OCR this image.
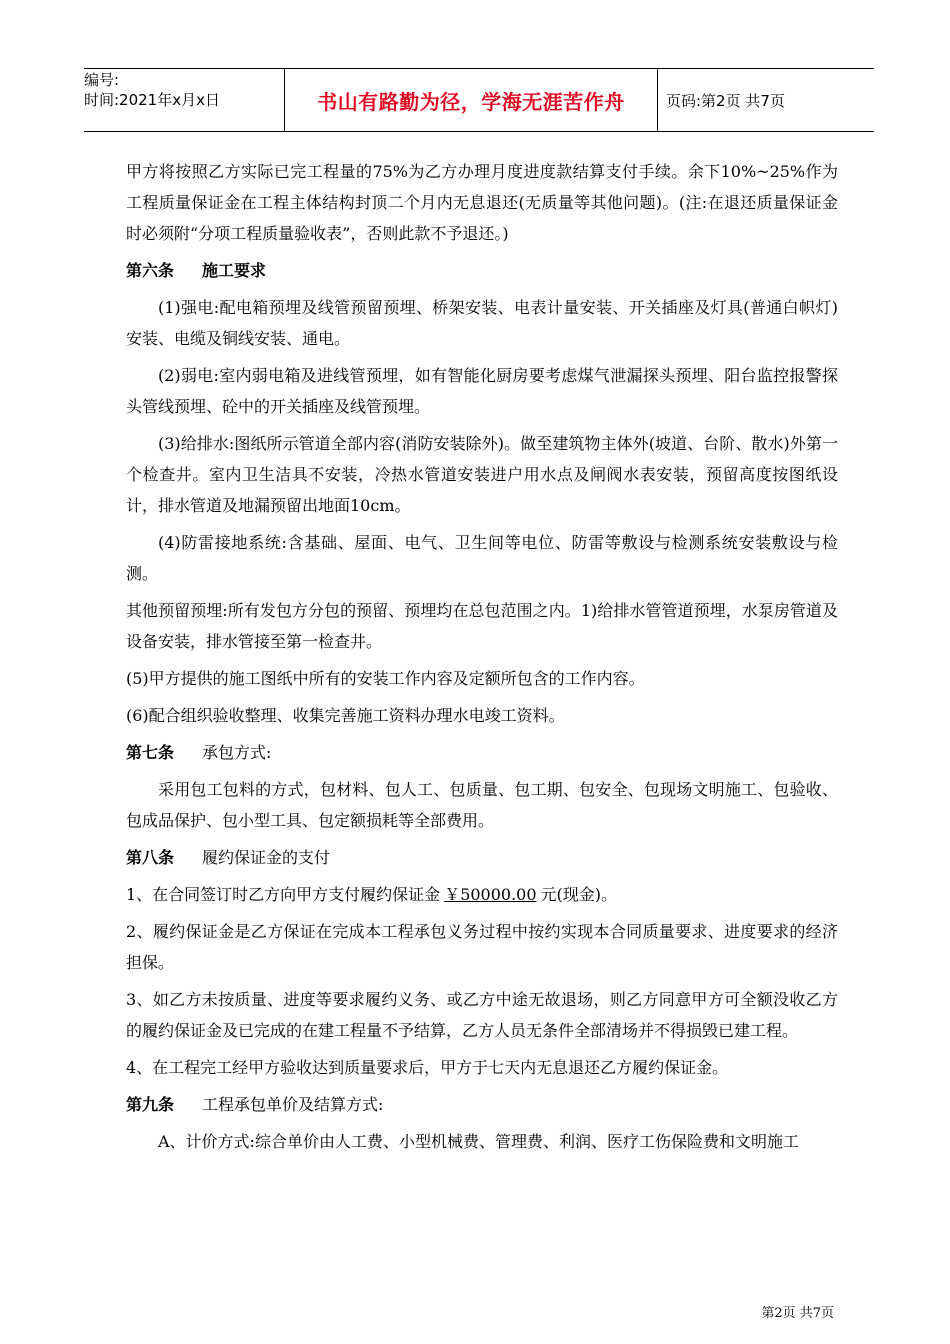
编号:
时间:2021年x月x日	书山有路勤为径，学海无涯苦作舟	页码:第2页 共7页

甲方将按照乙方实际已完工程量的75%为乙方办理月度进度款结算支付手续。余下10%~25%作为工程质量保证金在工程主体结构封顶二个月内无息退还(无质量等其他问题)。(注:在退还质量保证金时必须附“分项工程质量验收表”，否则此款不予退还。)

第六条 施工要求

(1)强电:配电箱预埋及线管预留预埋、桥架安装、电表计量安装、开关插座及灯具(普通白帜灯)安装、电缆及铜线安装、通电。

(2)弱电:室内弱电箱及进线管预埋，如有智能化厨房要考虑煤气泄漏探头预埋、阳台监控报警探头管线预埋、砼中的开关插座及线管预埋。

(3)给排水:图纸所示管道全部内容(消防安装除外)。做至建筑物主体外(坡道、台阶、散水)外第一个检查井。室内卫生洁具不安装，冷热水管道安装进户用水点及闸阀水表安装，预留高度按图纸设计，排水管道及地漏预留出地面10cm。

(4)防雷接地系统:含基础、屋面、电气、卫生间等电位、防雷等敷设与检测系统安装敷设与检测。

其他预留预埋:所有发包方分包的预留、预埋均在总包范围之内。1)给排水管管道预埋，水泵房管道及设备安装，排水管接至第一检查井。

(5)甲方提供的施工图纸中所有的安装工作内容及定额所包含的工作内容。

(6)配合组织验收整理、收集完善施工资料办理水电竣工资料。

第七条 承包方式:

采用包工包料的方式，包材料、包人工、包质量、包工期、包安全、包现场文明施工、包验收、包成品保护、包小型工具、包定额损耗等全部费用。

第八条 履约保证金的支付

1、在合同签订时乙方向甲方支付履约保证金 ￥50000.00 元(现金)。

2、履约保证金是乙方保证在完成本工程承包义务过程中按约实现本合同质量要求、进度要求的经济担保。

3、如乙方未按质量、进度等要求履约义务、或乙方中途无故退场，则乙方同意甲方可全额没收乙方的履约保证金及已完成的在建工程量不予结算，乙方人员无条件全部清场并不得损毁已建工程。

4、在工程完工经甲方验收达到质量要求后，甲方于七天内无息退还乙方履约保证金。

第九条 工程承包单价及结算方式:

A、计价方式:综合单价由人工费、小型机械费、管理费、利润、医疗工伤保险费和文明施工

第2页 共7页
